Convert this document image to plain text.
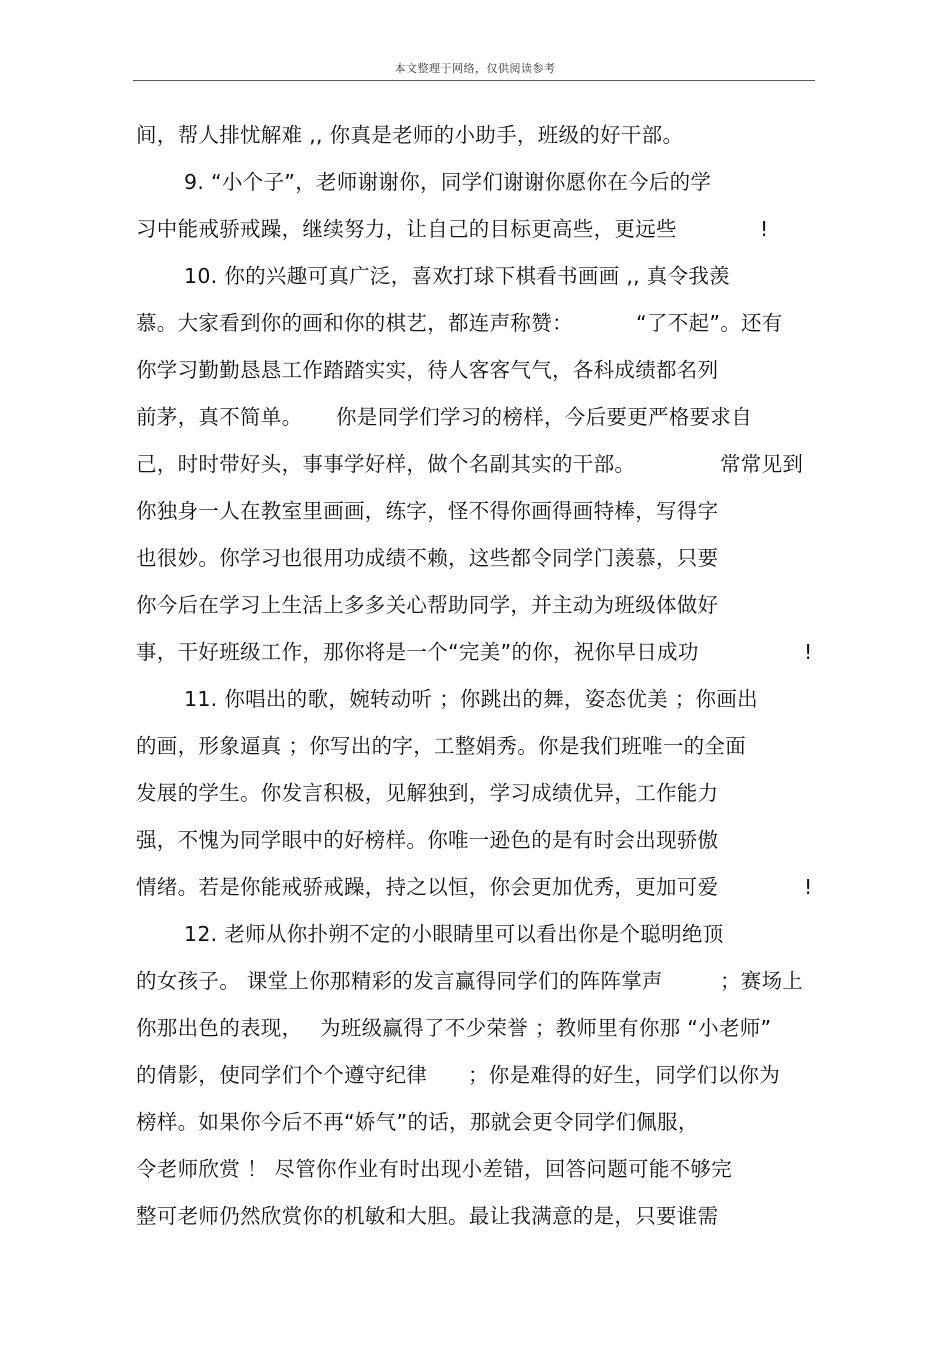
本文整理于网络，仅供阅读参考
间，帮人排忧解难 ,, 你真是老师的小助手，班级的好干部。
9. “小个子”，老师谢谢你，同学们谢谢你愿你在今后的学
习中能戒骄戒躁，继续努力，让自己的目标更高些，更远些	!
10. 你的兴趣可真广泛，喜欢打球下棋看书画画 ,, 真令我羡
慕。大家看到你的画和你的棋艺，都连声称赞：	“了不起”。还有
你学习勤勤恳恳工作踏踏实实，待人客客气气，各科成绩都名列
前茅，真不简单。 你是同学们学习的榜样，今后要更严格要求自
己，时时带好头，事事学好样，做个名副其实的干部。	常常见到
你独身一人在教室里画画，练字，怪不得你画得画特棒，写得字
也很妙。你学习也很用功成绩不赖，这些都令同学门羡慕，只要
你今后在学习上生活上多多关心帮助同学，并主动为班级体做好
事，干好班级工作，那你将是一个“完美”的你，祝你早日成功	!
11. 你唱出的歌，婉转动听 ；你跳出的舞，姿态优美 ；你画出
的画，形象逼真 ；你写出的字，工整娟秀。你是我们班唯一的全面
发展的学生。你发言积极，见解独到，学习成绩优异，工作能力
强，不愧为同学眼中的好榜样。你唯一逊色的是有时会出现骄傲
情绪。若是你能戒骄戒躁，持之以恒，你会更加优秀，更加可爱	!
12. 老师从你扑朔不定的小眼睛里可以看出你是个聪明绝顶
的女孩子。 课堂上你那精彩的发言赢得同学们的阵阵掌声	；赛场上
你那出色的表现， 为班级赢得了不少荣誉 ；教师里有你那 “小老师”
的倩影，使同学们个个遵守纪律 ；你是难得的好生，同学们以你为
榜样。如果你今后不再“娇气”的话，那就会更令同学们佩服，
令老师欣赏 ！ 尽管你作业有时出现小差错，回答问题可能不够完
整可老师仍然欣赏你的机敏和大胆。最让我满意的是，只要谁需
